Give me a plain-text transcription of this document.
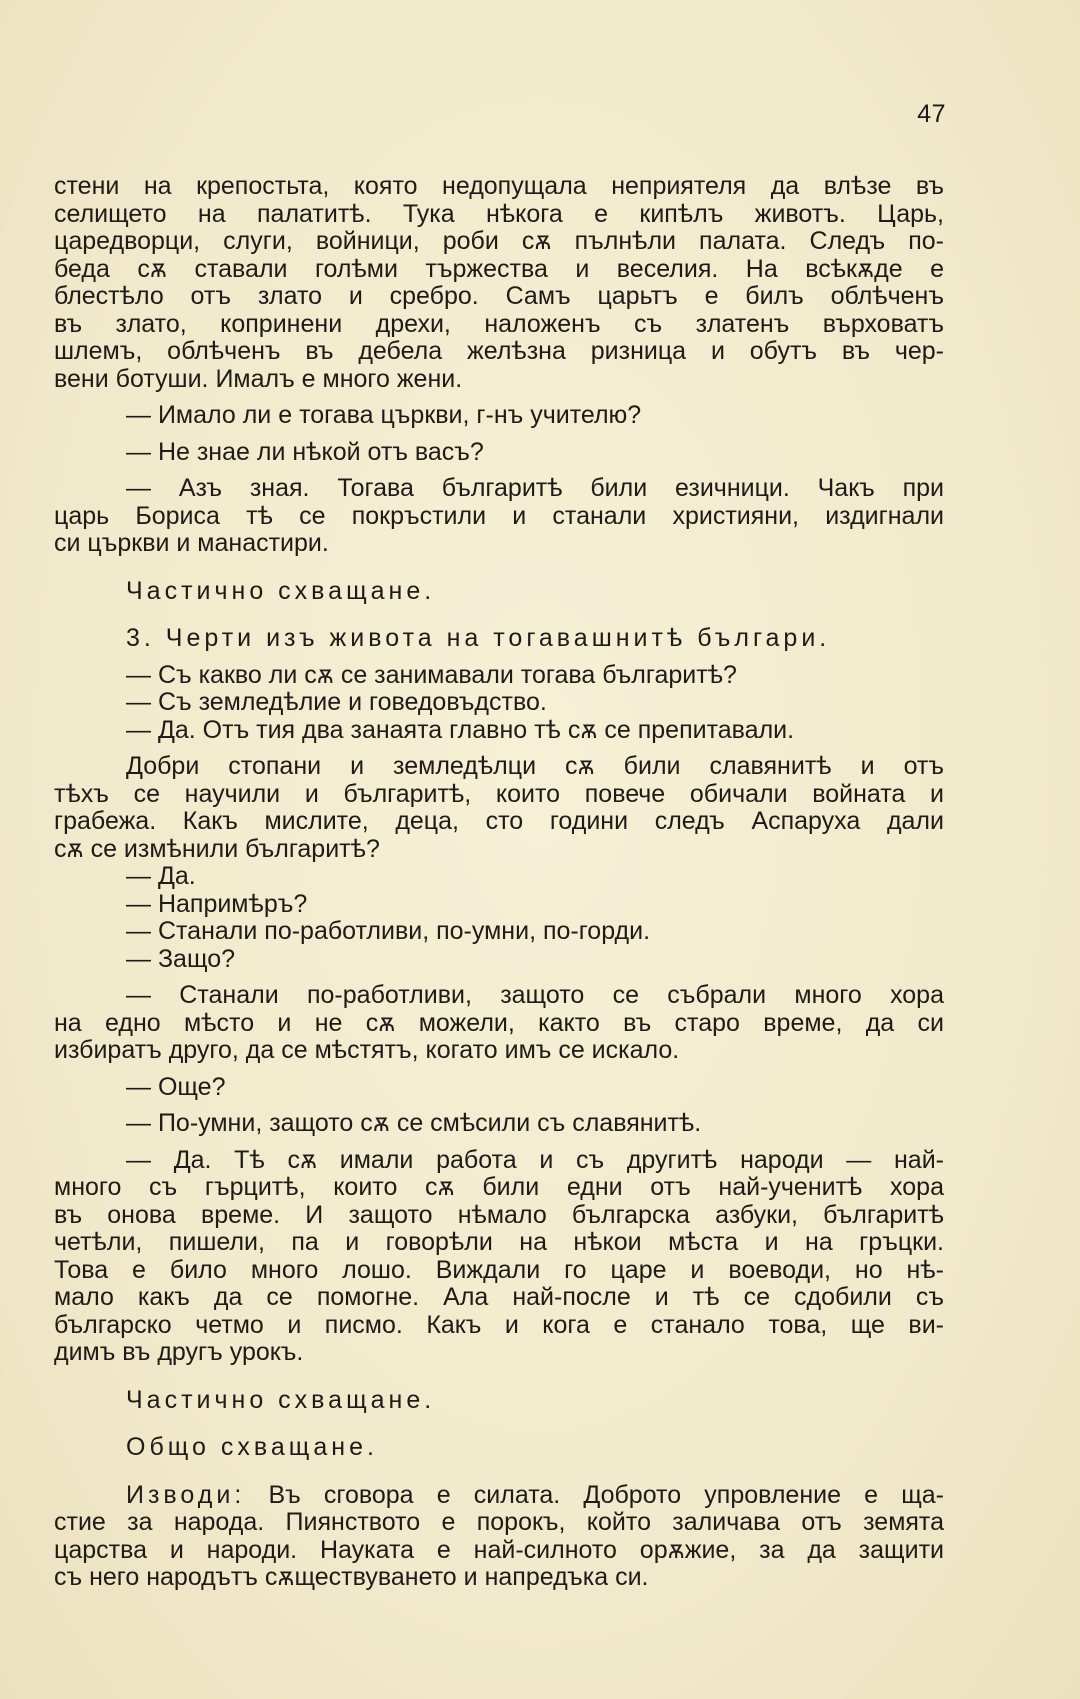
47

стени на крепостьта, която недопущала неприятеля да влѣзе въ
селището на палатитѣ. Тука нѣкога е кипѣлъ животъ. Царь,
царедворци, слуги, войници, роби сѫ пълнѣли палата. Следъ по-
беда сѫ ставали голѣми тържества и веселия. На всѣкѫде е
блестѣло отъ злато и сребро. Самъ царьтъ е билъ облѣченъ
въ злато, копринени дрехи, наложенъ съ златенъ върховатъ
шлемъ, облѣченъ въ дебела желѣзна ризница и обутъ въ чер-
вени ботуши. Ималъ е много жени.

— Имало ли е тогава църкви, г-нъ учителю?

— Не знае ли нѣкой отъ васъ?

— Азъ зная. Тогава българитѣ били езичници. Чакъ при
царь Бориса тѣ се покръстили и станали християни, издигнали
си църкви и манастири.

Частично схващане.

3. Черти изъ живота на тогавашнитѣ българи.

— Съ какво ли сѫ се занимавали тогава българитѣ?

— Съ земледѣлие и говедовъдство.

— Да. Отъ тия два занаята главно тѣ сѫ се препитавали.

Добри стопани и земледѣлци сѫ били славянитѣ и отъ
тѣхъ се научили и българитѣ, които повече обичали войната и
грабежа. Какъ мислите, деца, сто години следъ Аспаруха дали
сѫ се измѣнили българитѣ?

— Да.

— Напримѣръ?

— Станали по-работливи, по-умни, по-горди.

— Защо?

— Станали по-работливи, защото се събрали много хора
на едно мѣсто и не сѫ можели, както въ старо време, да си
избиратъ друго, да се мѣстятъ, когато имъ се искало.

— Още?

— По-умни, защото сѫ се смѣсили съ славянитѣ.

— Да. Тѣ сѫ имали работа и съ другитѣ народи — най-
много съ гърцитѣ, които сѫ били едни отъ най-ученитѣ хора
въ онова време. И защото нѣмало българска азбуки, българитѣ
четѣли, пишели, па и говорѣли на нѣкои мѣста и на гръцки.
Това е било много лошо. Виждали го царе и воеводи, но нѣ-
мало какъ да се помогне. Ала най-после и тѣ се сдобили съ
българско четмо и писмо. Какъ и кога е станало това, ще ви-
димъ въ другъ урокъ.

Частично схващане.

Общо схващане.

Изводи: Въ сговора е силата. Доброто упровление е ща-
стие за народа. Пиянството е порокъ, който заличава отъ земята
царства и народи. Науката е най-силното орѫжие, за да защити
съ него народътъ сѫществуването и напредъка си.
